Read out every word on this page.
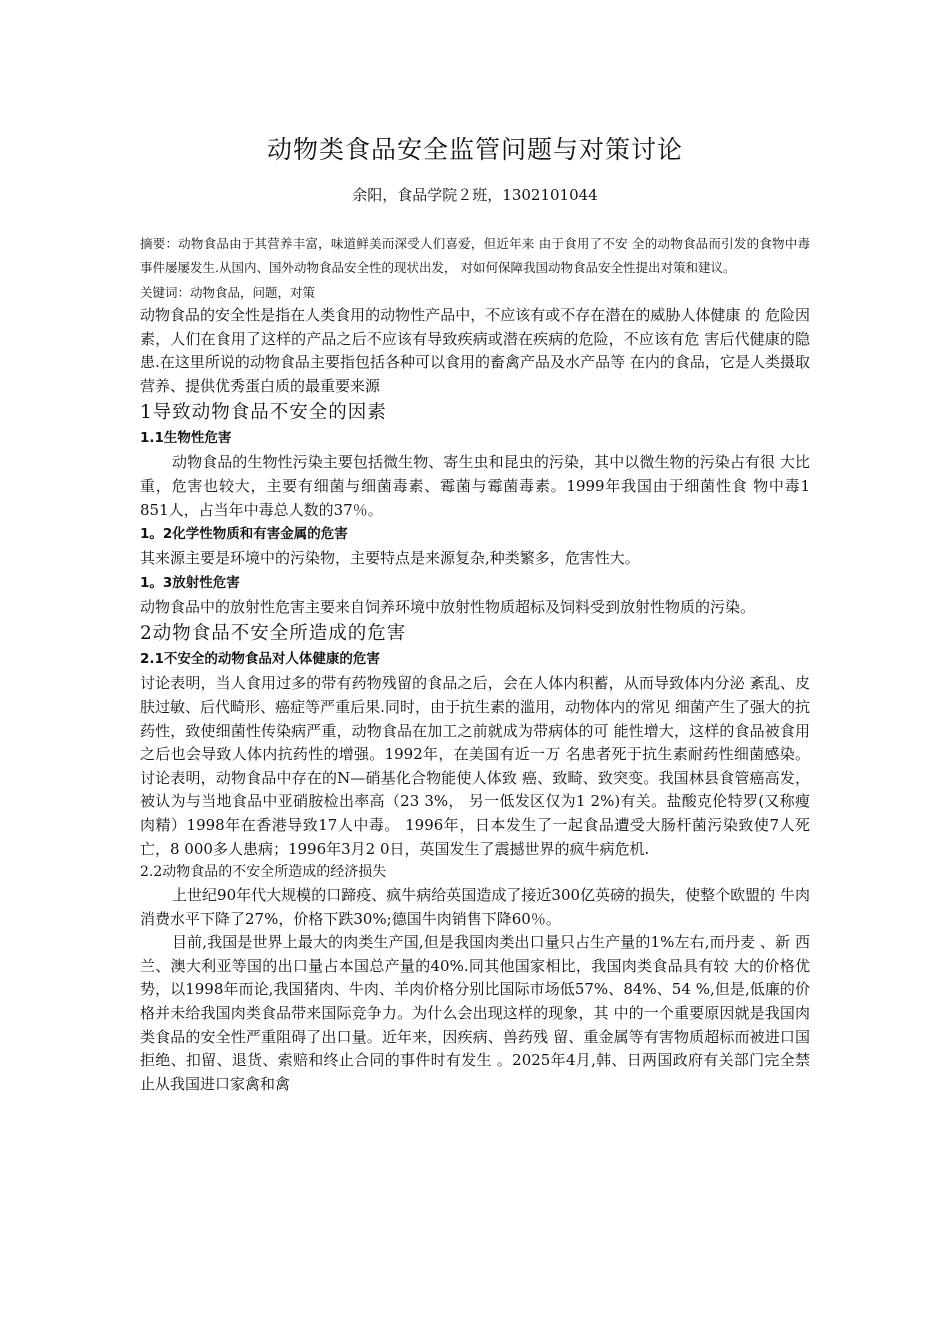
动物类食品安全监管问题与对策讨论
余阳，食品学院２班，1302101044

摘要：动物食品由于其营养丰富，味道鲜美而深受人们喜爱，但近年来 由于食用了不安 全的动物食品而引发的食物中毒事件屡屡发生.从国内、国外动物食品安全性的现状出发， 对如何保障我国动物食品安全性提出对策和建议。

关键词：动物食品，问题，对策

动物食品的安全性是指在人类食用的动物性产品中，不应该有或不存在潜在的威胁人体健康 的 危险因素，人们在食用了这样的产品之后不应该有导致疾病或潜在疾病的危险，不应该有危 害后代健康的隐患.在这里所说的动物食品主要指包括各种可以食用的畜禽产品及水产品等 在内的食品，它是人类摄取营养、提供优秀蛋白质的最重要来源

1导致动物食品不安全的因素
1.1生物性危害

动物食品的生物性污染主要包括微生物、寄生虫和昆虫的污染，其中以微生物的污染占有很 大比重，危害也较大，主要有细菌与细菌毒素、霉菌与霉菌毒素。1999年我国由于细菌性食 物中毒1 851人，占当年中毒总人数的37％。

1。2化学性物质和有害金属的危害

其来源主要是环境中的污染物，主要特点是来源复杂,种类繁多，危害性大。

1。3放射性危害

动物食品中的放射性危害主要来自饲养环境中放射性物质超标及饲料受到放射性物质的污染。

2动物食品不安全所造成的危害
2.1不安全的动物食品对人体健康的危害

讨论表明，当人食用过多的带有药物残留的食品之后，会在人体内积蓄，从而导致体内分泌 紊乱、皮肤过敏、后代畸形、癌症等严重后果.同时，由于抗生素的滥用，动物体内的常见 细菌产生了强大的抗药性，致使细菌性传染病严重，动物食品在加工之前就成为带病体的可 能性增大，这样的食品被食用之后也会导致人体内抗药性的增强。1992年，在美国有近一万 名患者死于抗生素耐药性细菌感染。讨论表明，动物食品中存在的N—硝基化合物能使人体致 癌、致畸、致突变。我国林县食管癌高发，被认为与当地食品中亚硝胺检出率高（23 3%， 另一低发区仅为1 2%)有关。盐酸克伦特罗(又称瘦肉精）1998年在香港导致17人中毒。 1996年，日本发生了一起食品遭受大肠杆菌污染致使7人死亡，8 000多人患病；1996年3月2 0日，英国发生了震撼世界的疯牛病危机.

2.2动物食品的不安全所造成的经济损失

上世纪90年代大规模的口蹄疫、疯牛病给英国造成了接近300亿英磅的损失，使整个欧盟的 牛肉消费水平下降了27%，价格下跌30%;德国牛肉销售下降60％。

目前,我国是世界上最大的肉类生产国,但是我国肉类出口量只占生产量的1%左右,而丹麦 、新 西兰、澳大利亚等国的出口量占本国总产量的40%.同其他国家相比，我国肉类食品具有较 大的价格优势，以1998年而论,我国猪肉、牛肉、羊肉价格分别比国际市场低57%、84%、54 %,但是,低廉的价格并未给我国肉类食品带来国际竞争力。为什么会出现这样的现象，其 中的一个重要原因就是我国肉类食品的安全性严重阻碍了出口量。近年来，因疾病、兽药残 留、重金属等有害物质超标而被进口国拒绝、扣留、退货、索赔和终止合同的事件时有发生 。2025年4月,韩、日两国政府有关部门完全禁止从我国进口家禽和禽
